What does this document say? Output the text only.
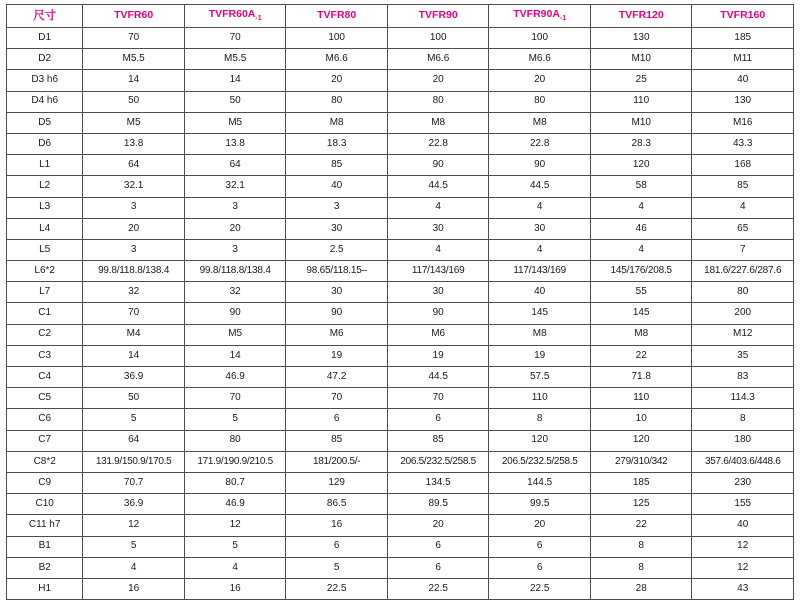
尺寸	TVFR60	$TVFR60A_{-1}$	TVFR80	TVFR90	$TVFR90A_{-1}$	TVFR120	TVFR160
D1	70	70	100	100	100	130	185
D2	M5.5	M5.5	M6.6	M6.6	M6.6	M10	M11
D3 h6	14	14	20	20	20	25	40
D4 h6	50	50	80	80	80	110	130
D5	M5	M5	M8	M8	M8	M10	M16
D6	13.8	13.8	18.3	22.8	22.8	28.3	43.3
L1	64	64	85	90	90	120	168
L2	32.1	32.1	40	44.5	44.5	58	85
L3	3	3	3	4	4	4	4
L4	20	20	30	30	30	46	65
L5	3	3	2.5	4	4	4	7
L6*2	99.8/118.8/138.4	99.8/118.8/138.4	98.65/118.15–	117/143/169	117/143/169	145/176/208.5	181.6/227.6/287.6
L7	32	32	30	30	40	55	80
C1	70	90	90	90	145	145	200
C2	M4	M5	M6	M6	M8	M8	M12
C3	14	14	19	19	19	22	35
C4	36.9	46.9	47.2	44.5	57.5	71.8	83
C5	50	70	70	70	110	110	114.3
C6	5	5	6	6	8	10	8
C7	64	80	85	85	120	120	180
C8*2	131.9/150.9/170.5	171.9/190.9/210.5	181/200.5/-	206.5/232.5/258.5	206.5/232.5/258.5	279/310/342	357.6/403.6/448.6
C9	70.7	80.7	129	134.5	144.5	185	230
C10	36.9	46.9	86.5	89.5	99.5	125	155
C11 h7	12	12	16	20	20	22	40
B1	5	5	6	6	6	8	12
B2	4	4	5	6	6	8	12
H1	16	16	22.5	22.5	22.5	28	43
